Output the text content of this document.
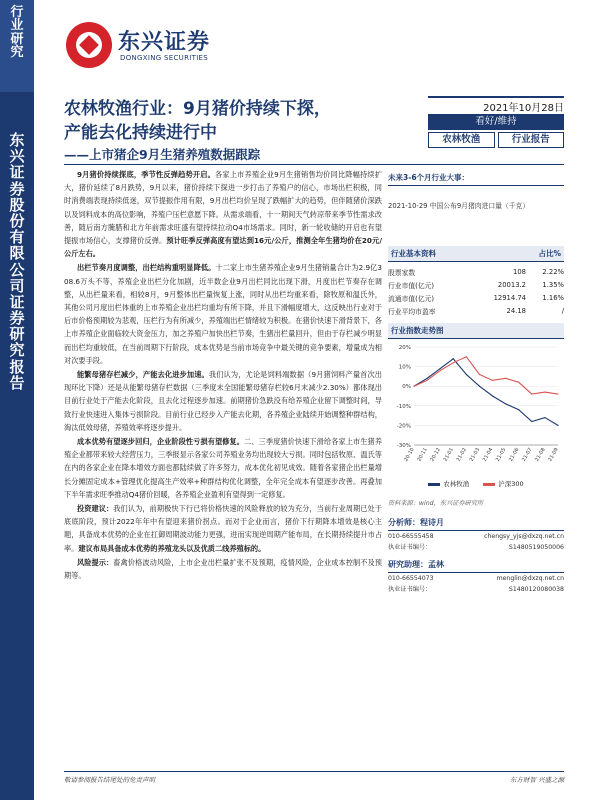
行业研究
东兴证券股份有限公司证券研究报告
东兴证券
DONGXING SECURITIES
农林牧渔行业：9月猪价持续下探，
产能去化持续进行中
——上市猪企9月生猪养殖数据跟踪
2021年10月28日
看好/维持
农林牧渔	行业报告

9月猪价持续探底，季节性反弹趋势开启。各家上市养殖企业9月生猪销售均价同比降幅持续扩大，猪价延续了8月跌势，9月以来，猪价持续下探进一步打击了养殖户的信心，市场出栏积极，同时消费端表现持续低迷，双节提振作用有限，9月出栏均价呈现了跌幅扩大的趋势，但伴随猪价深跌以及饲料成本的高位影响，养殖户压栏意愿下降。从需求端看，十一期间天气转凉带来季节性需求改善，随后南方腌腊和北方年前需求旺盛有望持续拉动Q4市场需求。同时，新一轮收储的开启也有望提振市场信心，支撑猪价反弹。预计旺季反弹高度有望达到16元/公斤，推测全年生猪均价在20元/公斤左右。

出栏节奏月度调整，出栏结构重明显降低。十二家上市生猪养殖企业9月生猪销量合计为2.9亿308.6万头不等，养殖企业出栏分化加剧，近半数企业9月出栏同比出现下滑，月度出栏节奏存在调整，从出栏量来看，相较8月，9月整体出栏量恢复上涨，同时从出栏均重来看，除牧原和温氏外，其他公司月度出栏体重的上市养殖企业出栏均重均有所下降，并且下滑幅度增大，这反映出行业对于后市价格预期较为悲观，压栏行为有所减少，养殖端出栏情绪较为积极。在猪价快速下滑背景下，各上市养殖企业面临较大资金压力，加之养殖户加快出栏节奏，生猪出栏量回升，但由于存栏减少明显而出栏均重较低，在当前周期下行阶段，成本优势是当前市场竞争中最关键的竞争要素，增量成为相对次要手段。

能繁母猪存栏减少，产能去化进步加速。我们认为，尤论是饲料端数据（9月猪饲料产量首次出现环比下降）还是从能繁母猪存栏数据（三季度末全国能繁母猪存栏较6月末减少2.30%）都体现出目前行业处于产能去化阶段，且去化过程逐步加速。前期猪价急跌没有给养殖企业留下调整时间，导致行业快速进入集体亏损阶段。目前行业已经步入产能去化期，各养殖企业陆续开始调整种群结构，淘汰低效母猪，养殖效率将逐步提升。

成本优势有望逐步回归，企业阶段性亏损有望修复。二、三季度猪价快速下滑给各家上市生猪养殖企业都带来较大经营压力，三季报显示各家公司养殖业务均出现较大亏损。同时包括牧原、温氏等在内的各家企业在降本增效方面也都陆续做了许多努力，成本优化初见成效。随着各家猪企出栏量增长分摊固定成本+管理优化提高生产效率+种群结构优化调整，全年完全成本有望逐步改善。再叠加下半年需求旺季推动Q4猪价回暖，各养殖企业盈利有望得到一定修复。

投资建议：我们认为，前期极快下行已将价格快速的风险释放的较为充分，当前行业周期已处于底底阶段，预计2022年年中有望迎来猪价拐点。而对于企业而言，猪价下行期降本增效是核心主题，具备成本优势的企业在扛御周期波动能力更强，进而实现逆周期产能布局，在长期持续提升市占率。建议布局具备成本优势的养殖龙头以及优质二线养殖标的。

风险提示：畜禽价格波动风险，上市企业出栏量扩张不及预期，疫情风险，企业成本控制不及预期等。

未来3-6个月行业大事：
2021-10-29 中国公布9月猪肉进口量（千克）
行业基本资料	占比%
股票家数	108	2.22%
行业市值(亿元)	20013.2	1.35%
流通市值(亿元)	12914.74	1.16%
行业平均市盈率	24.18	/
行业指数走势图
20%
10%
0%
-10%
-20%
-30%
20-10 20-11 20-12 21-01 21-02 21-03 21-04 21-05 21-06 21-07 21-08 21-09
农林牧渔	沪深300
资料来源：wind，东兴证券研究所
分析师：程诗月
010-66555458	chengsy_yjs@dxzq.net.cn
执业证书编号：	S1480519050006
研究助理：孟林
010-66554073	menglin@dxzq.net.cn
执业证书编号：	S1480120080038
敬请参阅报告结尾处的免责声明	东方财智 兴盛之源
